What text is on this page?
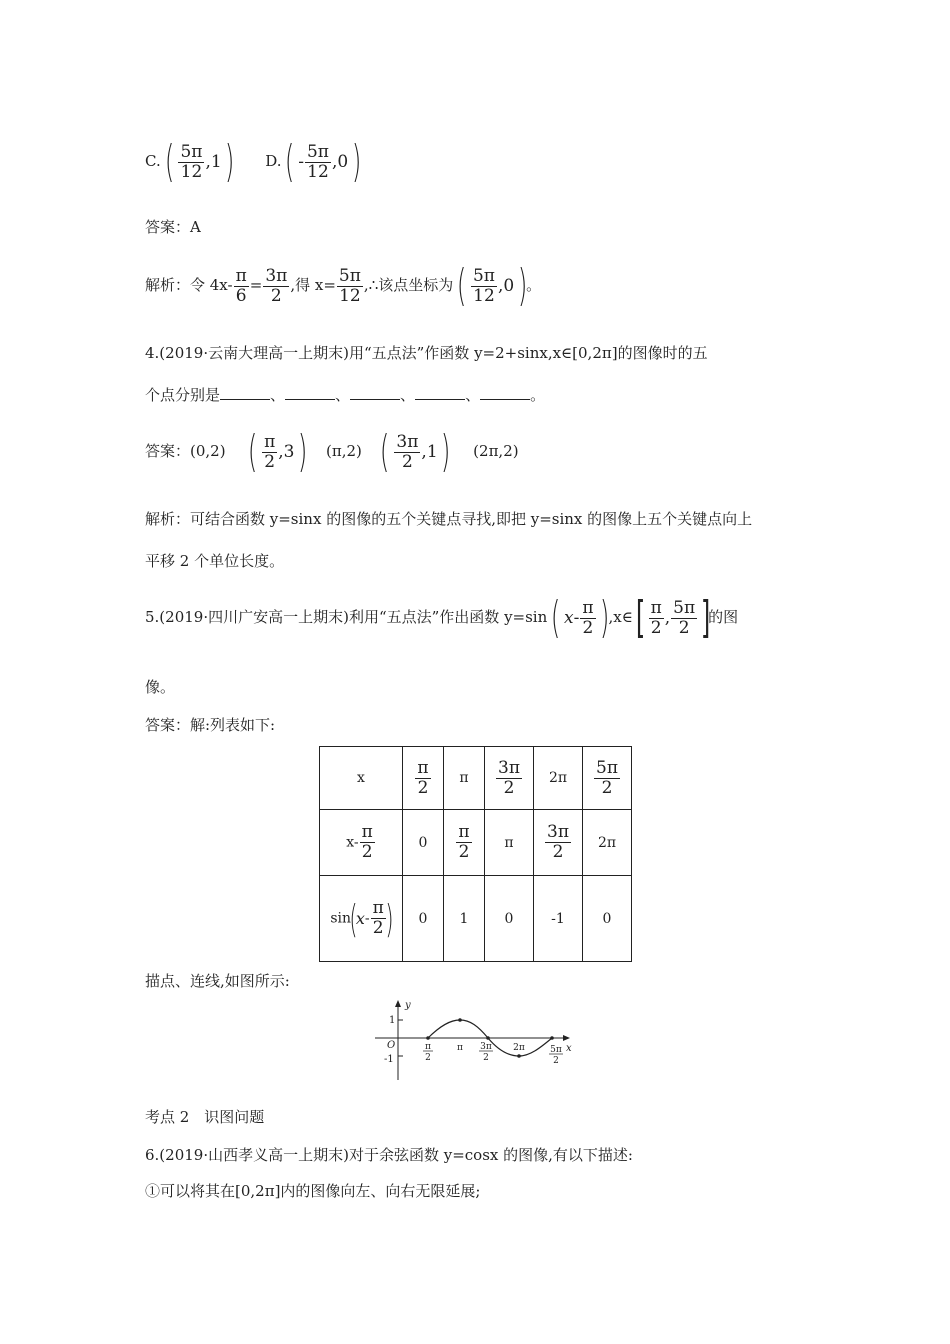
C. ( $\frac{5\pi}{12} ,1$ ) D. ( - $\frac{5\pi}{12} ,0$ )
答案：A
解析：令 $4x- \frac{\pi}{6} = \frac{3\pi}{2}$ ,得 $x= \frac{5\pi}{12}$ ,∴该点坐标为 ( $\frac{5\pi}{12} ,0$ )。
4.(2019·云南大理高一上期末)用“五点法”作函数 y=2+sinx,x∈[0,2π]的图像时的五
个点分别是	、	、	、	、	。
答案：(0,2) ( $\frac{\pi}{2} ,3$ ) (π,2) ( $\frac{3\pi}{2} ,1$ ) (2π,2)
解析：可结合函数 y=sinx 的图像的五个关键点寻找,即把 y=sinx 的图像上五个关键点向上
平移 2 个单位长度。
5.(2019·四川广安高一上期末)利用“五点法”作出函数 y=sin ( $x- \frac{\pi}{2}$ ),x∈ [ $\frac{\pi}{2}$ , $\frac{5\pi}{2}$ ]的图
像。
答案：解:列表如下:
x	$\frac{\pi}{2}$	π	$\frac{3\pi}{2}$	2π	$\frac{5\pi}{2}$

$x- \frac{\pi}{2}$	0	$\frac{\pi}{2}$	π	$\frac{3\pi}{2}$	2π
$\sin(x- \frac{\pi}{2}$ )	0	1	0	-1	0
描点、连线,如图所示:
y
x
O
1
-1
π
2
π 3π
2
2π	5π
2
考点 2　识图问题
6.(2019·山西孝义高一上期末)对于余弦函数 y=cosx 的图像,有以下描述:
①可以将其在[0,2π]内的图像向左、向右无限延展;
